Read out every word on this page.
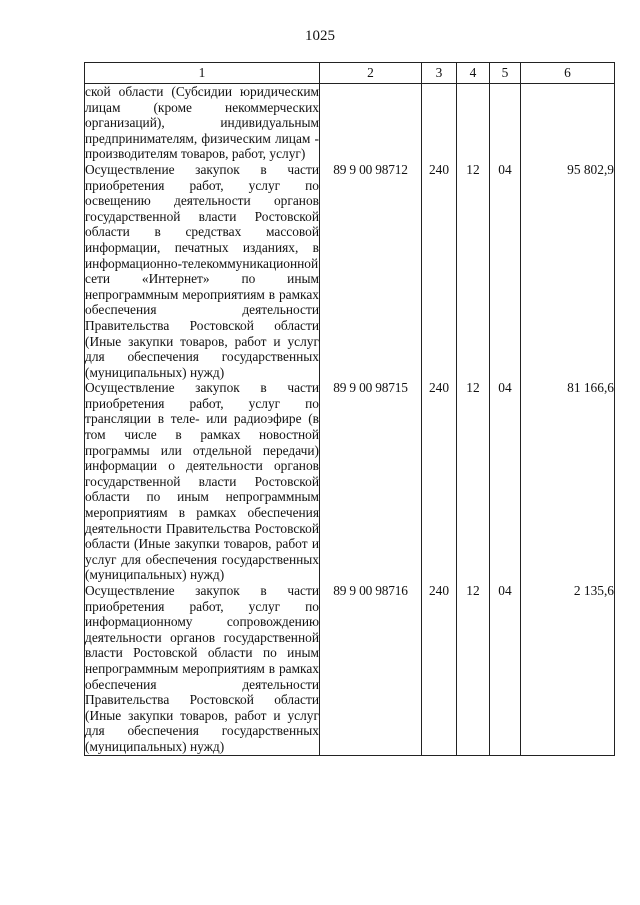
1025
1	2	3	4	5	6
ской области (Субсидии юридическим лицам (кроме некоммерческих организаций), индивидуальным предпринимателям, физическим лицам - производителям товаров, работ, услуг)					
Осуществление закупок в части приобретения работ, услуг по освещению деятельности органов государственной власти Ростовской области в средствах массовой информации, печатных изданиях, в информационно-телекоммуникационной сети «Интернет» по иным непрограммным мероприятиям в рамках обеспечения деятельности Правительства Ростовской области (Иные закупки товаров, работ и услуг для обеспечения государственных (муниципальных) нужд)	89 9 00 98712	240	12	04	95 802,9
Осуществление закупок в части приобретения работ, услуг по трансляции в теле- или радиоэфире (в том числе в рамках новостной программы или отдельной передачи) информации о деятельности органов государственной власти Ростовской области по иным непрограммным мероприятиям в рамках обеспечения деятельности Правительства Ростовской области (Иные закупки товаров, работ и услуг для обеспечения государственных (муниципальных) нужд)	89 9 00 98715	240	12	04	81 166,6
Осуществление закупок в части приобретения работ, услуг по информационному сопровождению деятельности органов государственной власти Ростовской области по иным непрограммным мероприятиям в рамках обеспечения деятельности Правительства Ростовской области (Иные закупки товаров, работ и услуг для обеспечения государственных (муниципальных) нужд)	89 9 00 98716	240	12	04	2 135,6
